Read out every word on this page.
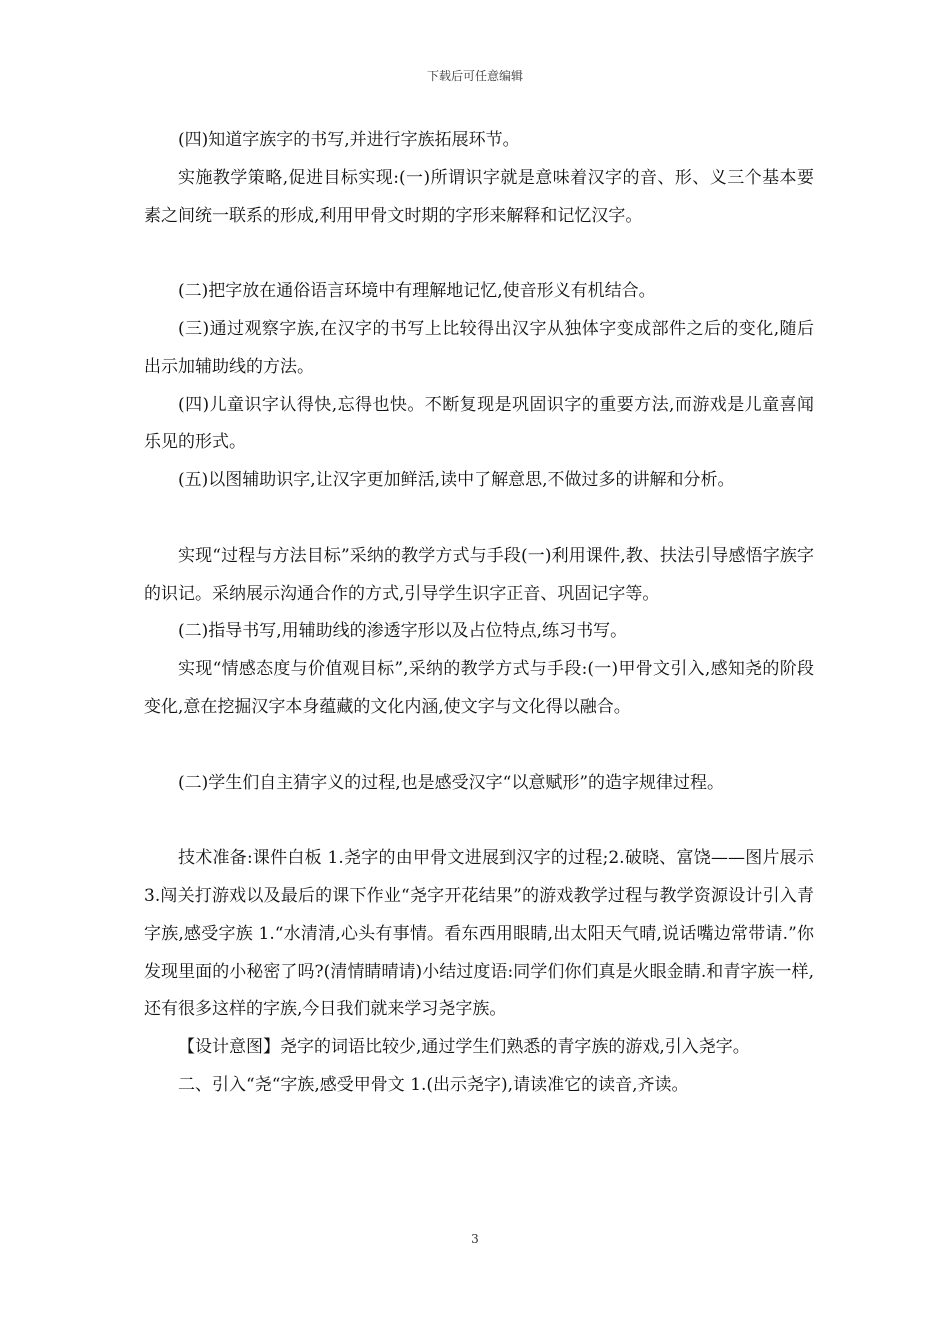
下载后可任意编辑

(四)知道字族字的书写,并进行字族拓展环节。

实施教学策略,促进目标实现:(一)所谓识字就是意味着汉字的音、形、义三个基本要素之间统一联系的形成,利用甲骨文时期的字形来解释和记忆汉字。

(二)把字放在通俗语言环境中有理解地记忆,使音形义有机结合。

(三)通过观察字族,在汉字的书写上比较得出汉字从独体字变成部件之后的变化,随后出示加辅助线的方法。

(四)儿童识字认得快,忘得也快。不断复现是巩固识字的重要方法,而游戏是儿童喜闻乐见的形式。

(五)以图辅助识字,让汉字更加鲜活,读中了解意思,不做过多的讲解和分析。

实现“过程与方法目标”采纳的教学方式与手段(一)利用课件,教、扶法引导感悟字族字的识记。采纳展示沟通合作的方式,引导学生识字正音、巩固记字等。

(二)指导书写,用辅助线的渗透字形以及占位特点,练习书写。

实现“情感态度与价值观目标”,采纳的教学方式与手段:(一)甲骨文引入,感知尧的阶段变化,意在挖掘汉字本身蕴藏的文化内涵,使文字与文化得以融合。

(二)学生们自主猜字义的过程,也是感受汉字“以意赋形”的造字规律过程。

技术准备:课件白板 1.尧字的由甲骨文进展到汉字的过程;2.破晓、富饶——图片展示 3.闯关打游戏以及最后的课下作业“尧字开花结果”的游戏教学过程与教学资源设计引入青字族,感受字族 1.“水清清,心头有事情。看东西用眼睛,出太阳天气晴,说话嘴边常带请.”你发现里面的小秘密了吗?(清情睛晴请)小结过度语:同学们你们真是火眼金睛.和青字族一样,还有很多这样的字族,今日我们就来学习尧字族。

【设计意图】尧字的词语比较少,通过学生们熟悉的青字族的游戏,引入尧字。

二、引入“尧“字族,感受甲骨文 1.(出示尧字),请读准它的读音,齐读。

3
